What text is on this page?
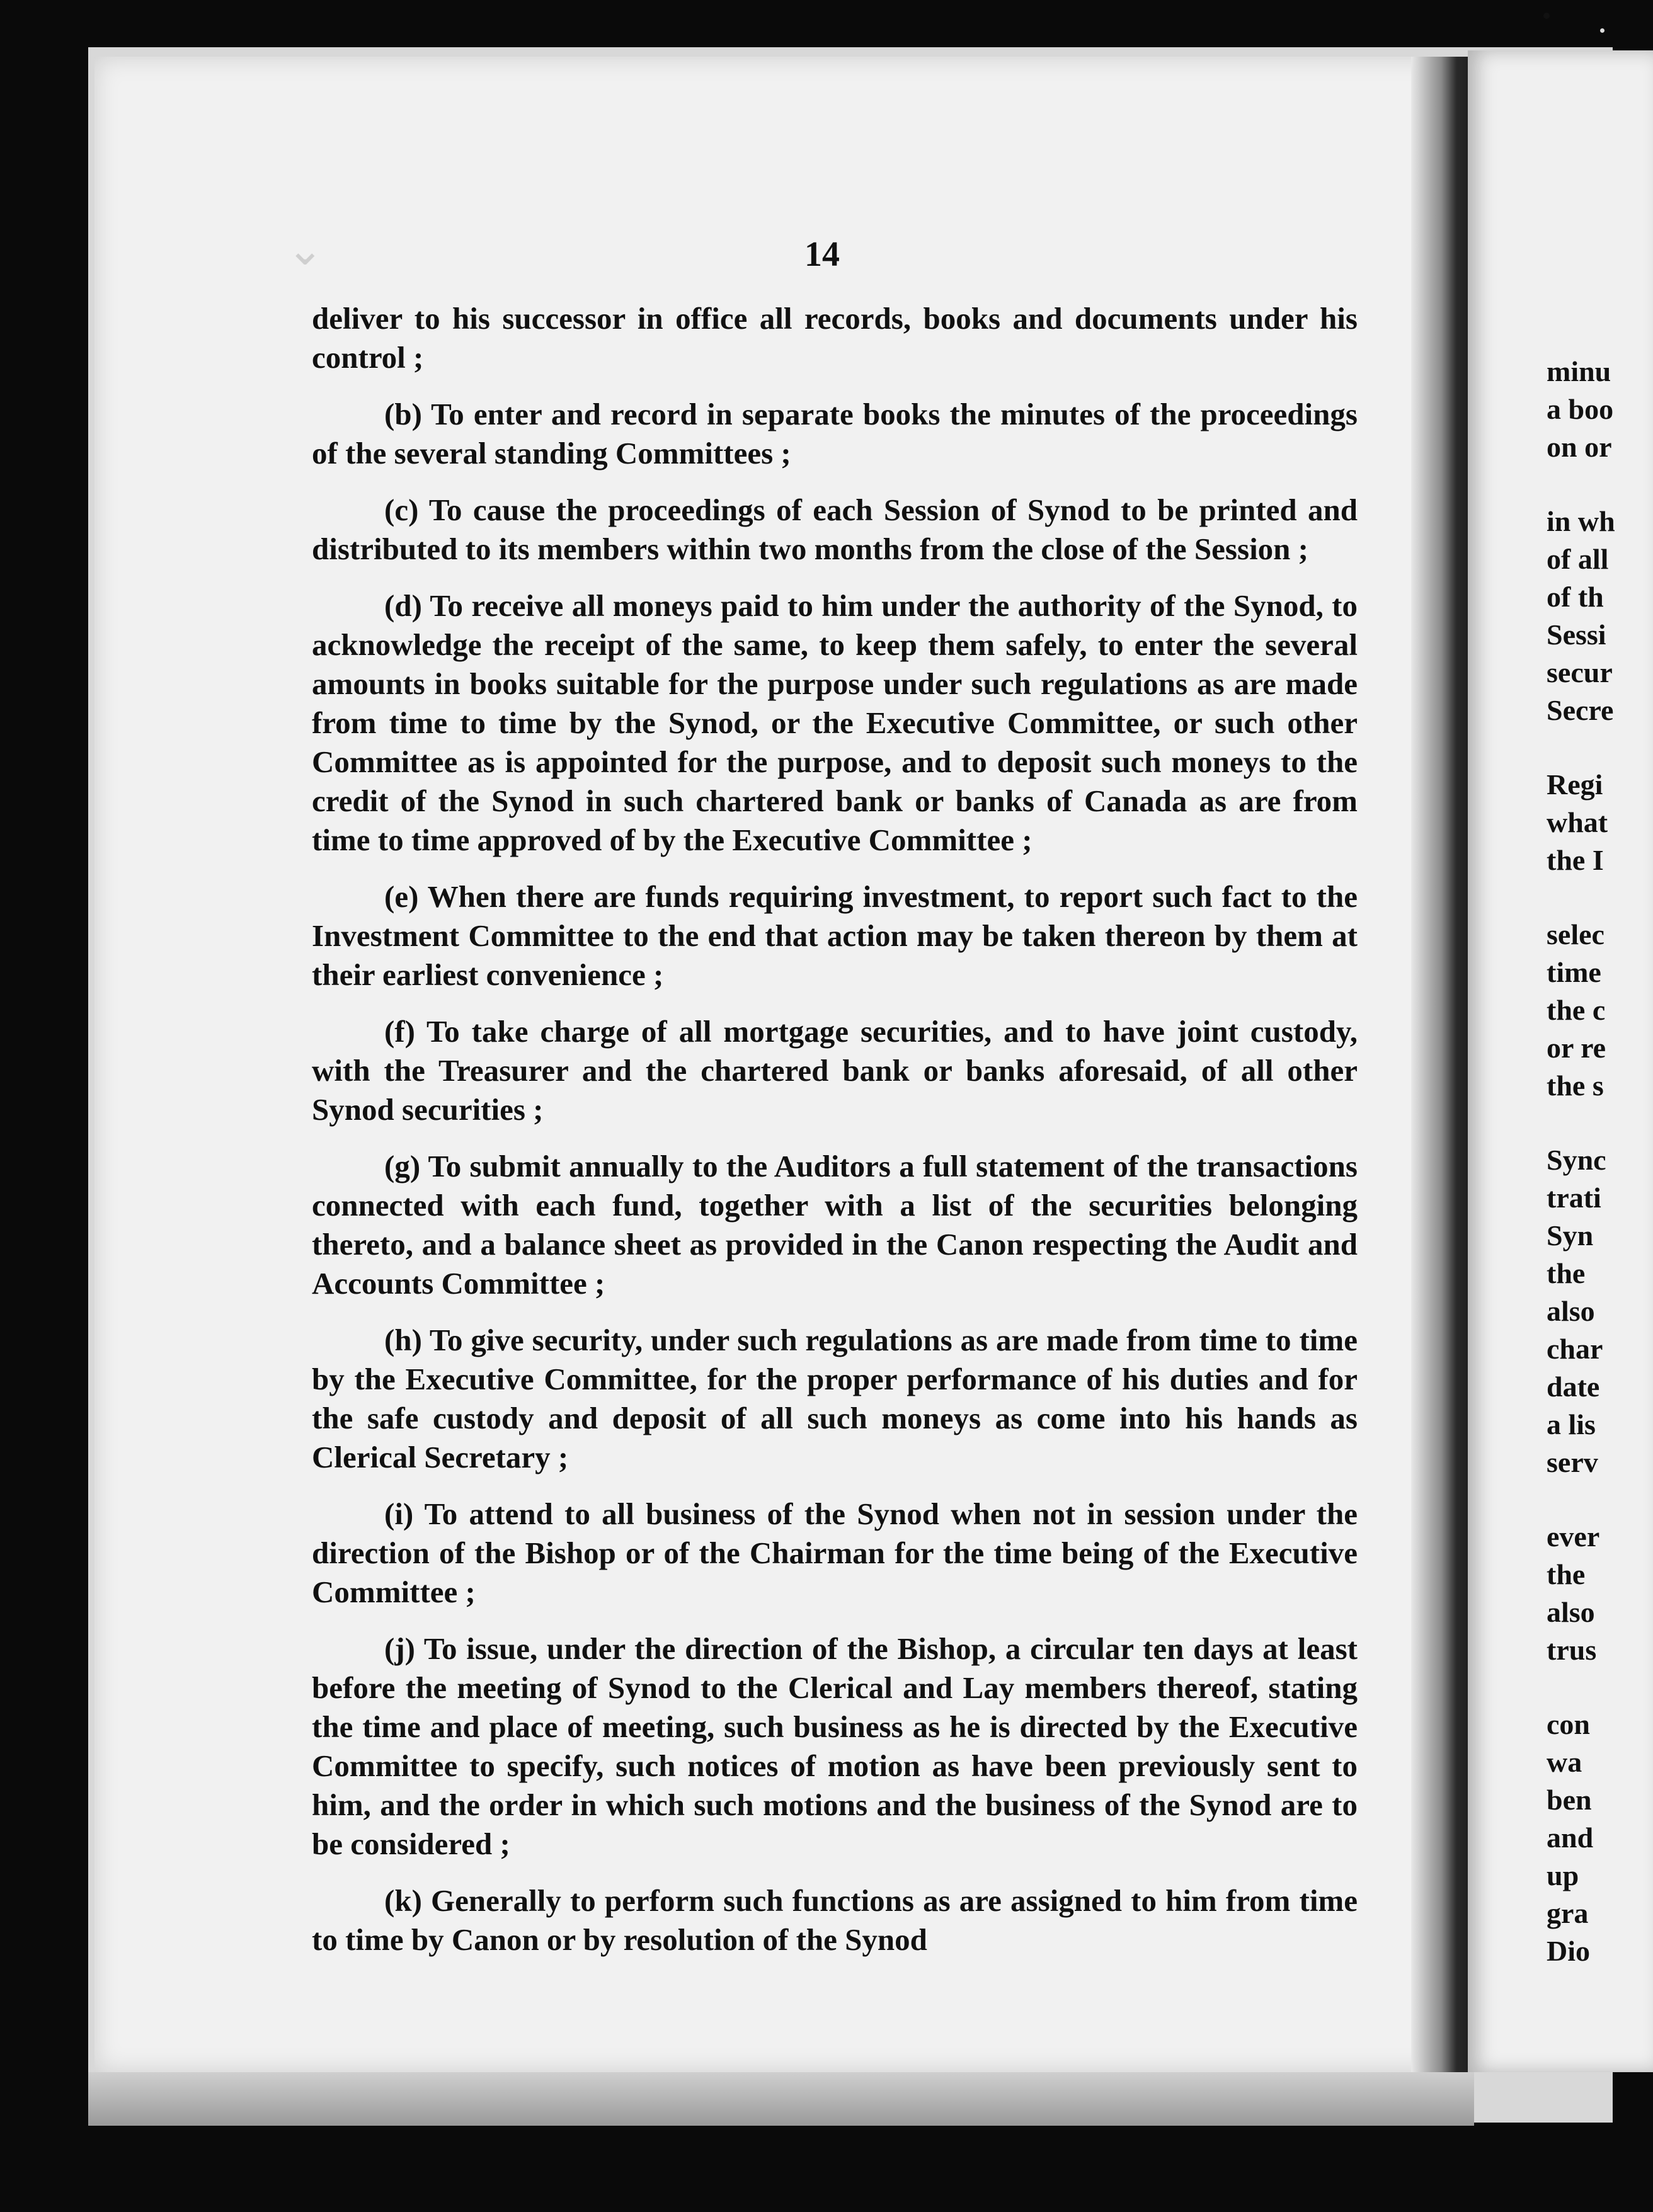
⌄	14

deliver to his successor in office all records, books and documents under his control ;

(b) To enter and record in separate books the minutes of the proceedings of the several standing Committees ;

(c) To cause the proceedings of each Session of Synod to be printed and distributed to its members within two months from the close of the Session ;

(d) To receive all moneys paid to him under the authority of the Synod, to acknowledge the receipt of the same, to keep them safely, to enter the several amounts in books suitable for the purpose under such regulations as are made from time to time by the Synod, or the Executive Committee, or such other Committee as is appointed for the purpose, and to deposit such moneys to the credit of the Synod in such chartered bank or banks of Canada as are from time to time approved of by the Executive Committee ;

(e) When there are funds requiring investment, to report such fact to the Investment Committee to the end that action may be taken thereon by them at their earliest convenience ;

(f) To take charge of all mortgage securities, and to have joint custody, with the Treasurer and the chartered bank or banks aforesaid, of all other Synod securities ;

(g) To submit annually to the Auditors a full statement of the transactions connected with each fund, together with a list of the securities belonging thereto, and a balance sheet as provided in the Canon respecting the Audit and Accounts Committee ;

(h) To give security, under such regulations as are made from time to time by the Executive Committee, for the proper performance of his duties and for the safe custody and deposit of all such moneys as come into his hands as Clerical Secretary ;

(i) To attend to all business of the Synod when not in session under the direction of the Bishop or of the Chairman for the time being of the Executive Committee ;

(j) To issue, under the direction of the Bishop, a circular ten days at least before the meeting of Synod to the Clerical and Lay members thereof, stating the time and place of meeting, such business as he is directed by the Executive Committee to specify, such notices of motion as have been previously sent to him, and the order in which such motions and the business of the Synod are to be considered ;

(k) Generally to perform such functions as are assigned to him from time to time by Canon or by resolution of the Synod

minu
a boo
on or
in wh
of all
of th
Sessi
secur
Secre
Regi
what
the I
selec
time
the c
or re
the s
Sync
trati
Syn
the
also
char
date
a lis
serv
ever
the
also
trus
con
wa
ben
and
up
gra
Dio
